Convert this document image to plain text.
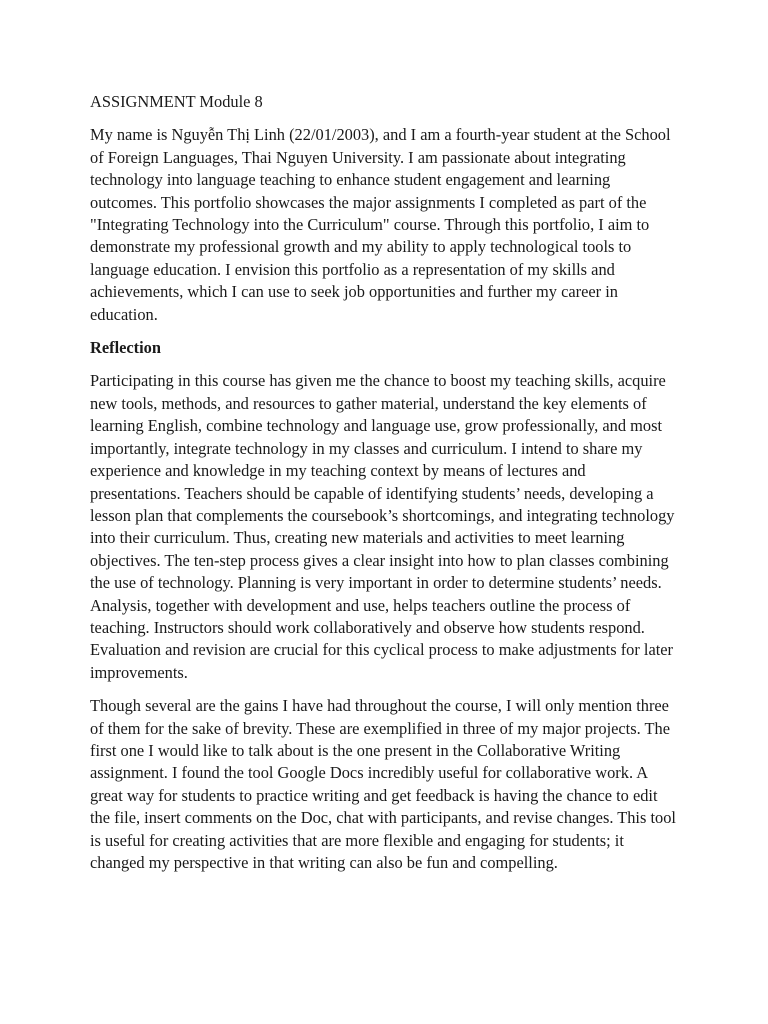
ASSIGNMENT Module 8

My name is Nguyễn Thị Linh (22/01/2003), and I am a fourth-year student at the School of Foreign Languages, Thai Nguyen University. I am passionate about integrating technology into language teaching to enhance student engagement and learning outcomes. This portfolio showcases the major assignments I completed as part of the "Integrating Technology into the Curriculum" course. Through this portfolio, I aim to demonstrate my professional growth and my ability to apply technological tools to language education. I envision this portfolio as a representation of my skills and achievements, which I can use to seek job opportunities and further my career in education.

Reflection

Participating in this course has given me the chance to boost my teaching skills, acquire new tools, methods, and resources to gather material, understand the key elements of learning English, combine technology and language use, grow professionally, and most importantly, integrate technology in my classes and curriculum. I intend to share my experience and knowledge in my teaching context by means of lectures and presentations. Teachers should be capable of identifying students’ needs, developing a lesson plan that complements the coursebook’s shortcomings, and integrating technology into their curriculum. Thus, creating new materials and activities to meet learning objectives. The ten-step process gives a clear insight into how to plan classes combining the use of technology. Planning is very important in order to determine students’ needs. Analysis, together with development and use, helps teachers outline the process of teaching. Instructors should work collaboratively and observe how students respond. Evaluation and revision are crucial for this cyclical process to make adjustments for later improvements.

Though several are the gains I have had throughout the course, I will only mention three of them for the sake of brevity. These are exemplified in three of my major projects. The first one I would like to talk about is the one present in the Collaborative Writing assignment. I found the tool Google Docs incredibly useful for collaborative work. A great way for students to practice writing and get feedback is having the chance to edit the file, insert comments on the Doc, chat with participants, and revise changes. This tool is useful for creating activities that are more flexible and engaging for students; it changed my perspective in that writing can also be fun and compelling.
